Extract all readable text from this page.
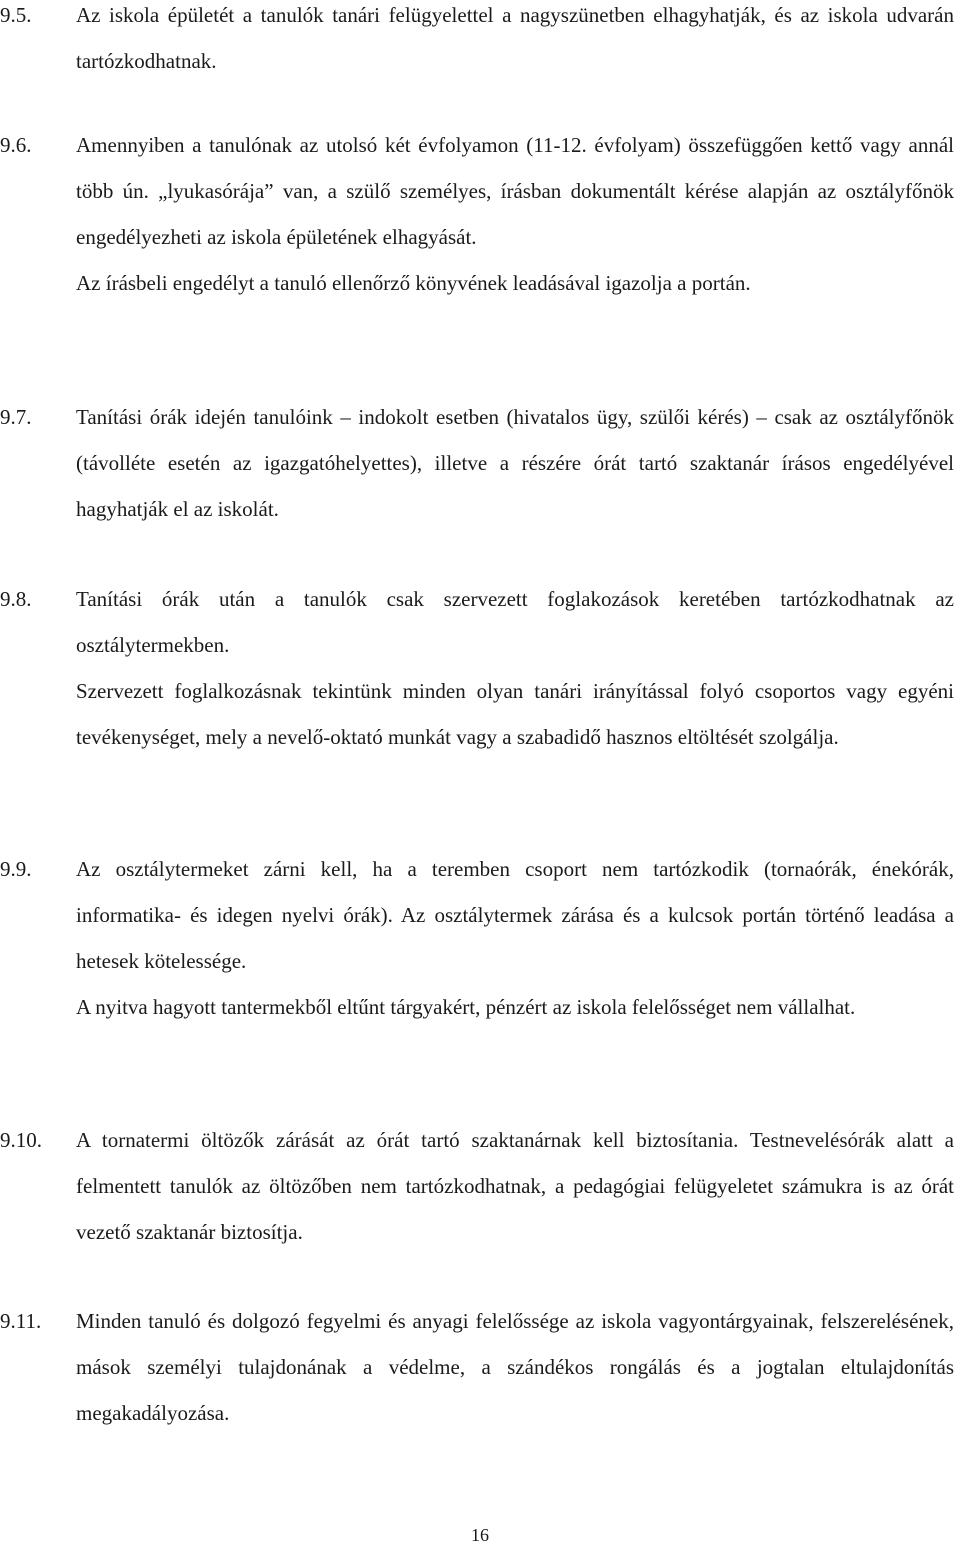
9.5. Az iskola épületét a tanulók tanári felügyelettel a nagyszünetben elhagyhatják, és az iskola udvarán tartózkodhatnak.

9.6. Amennyiben a tanulónak az utolsó két évfolyamon (11-12. évfolyam) összefüggően kettő vagy annál több ún. „lyukasórája” van, a szülő személyes, írásban dokumentált kérése alapján az osztályfőnök engedélyezheti az iskola épületének elhagyását.

Az írásbeli engedélyt a tanuló ellenőrző könyvének leadásával igazolja a portán.

9.7. Tanítási órák idején tanulóink – indokolt esetben (hivatalos ügy, szülői kérés) – csak az osztályfőnök (távolléte esetén az igazgatóhelyettes), illetve a részére órát tartó szaktanár írásos engedélyével hagyhatják el az iskolát.

9.8. Tanítási órák után a tanulók csak szervezett foglakozások keretében tartózkodhatnak az osztálytermekben.

Szervezett foglalkozásnak tekintünk minden olyan tanári irányítással folyó csoportos vagy egyéni tevékenységet, mely a nevelő-oktató munkát vagy a szabadidő hasznos eltöltését szolgálja.

9.9. Az osztálytermeket zárni kell, ha a teremben csoport nem tartózkodik (tornaórák, énekórák, informatika- és idegen nyelvi órák). Az osztálytermek zárása és a kulcsok portán történő leadása a hetesek kötelessége.

A nyitva hagyott tantermekből eltűnt tárgyakért, pénzért az iskola felelősséget nem vállalhat.

9.10. A tornatermi öltözők zárását az órát tartó szaktanárnak kell biztosítania. Testnevelésórák alatt a felmentett tanulók az öltözőben nem tartózkodhatnak, a pedagógiai felügyeletet számukra is az órát vezető szaktanár biztosítja.

9.11. Minden tanuló és dolgozó fegyelmi és anyagi felelőssége az iskola vagyontárgyainak, felszerelésének, mások személyi tulajdonának a védelme, a szándékos rongálás és a jogtalan eltulajdonítás megakadályozása.

16
